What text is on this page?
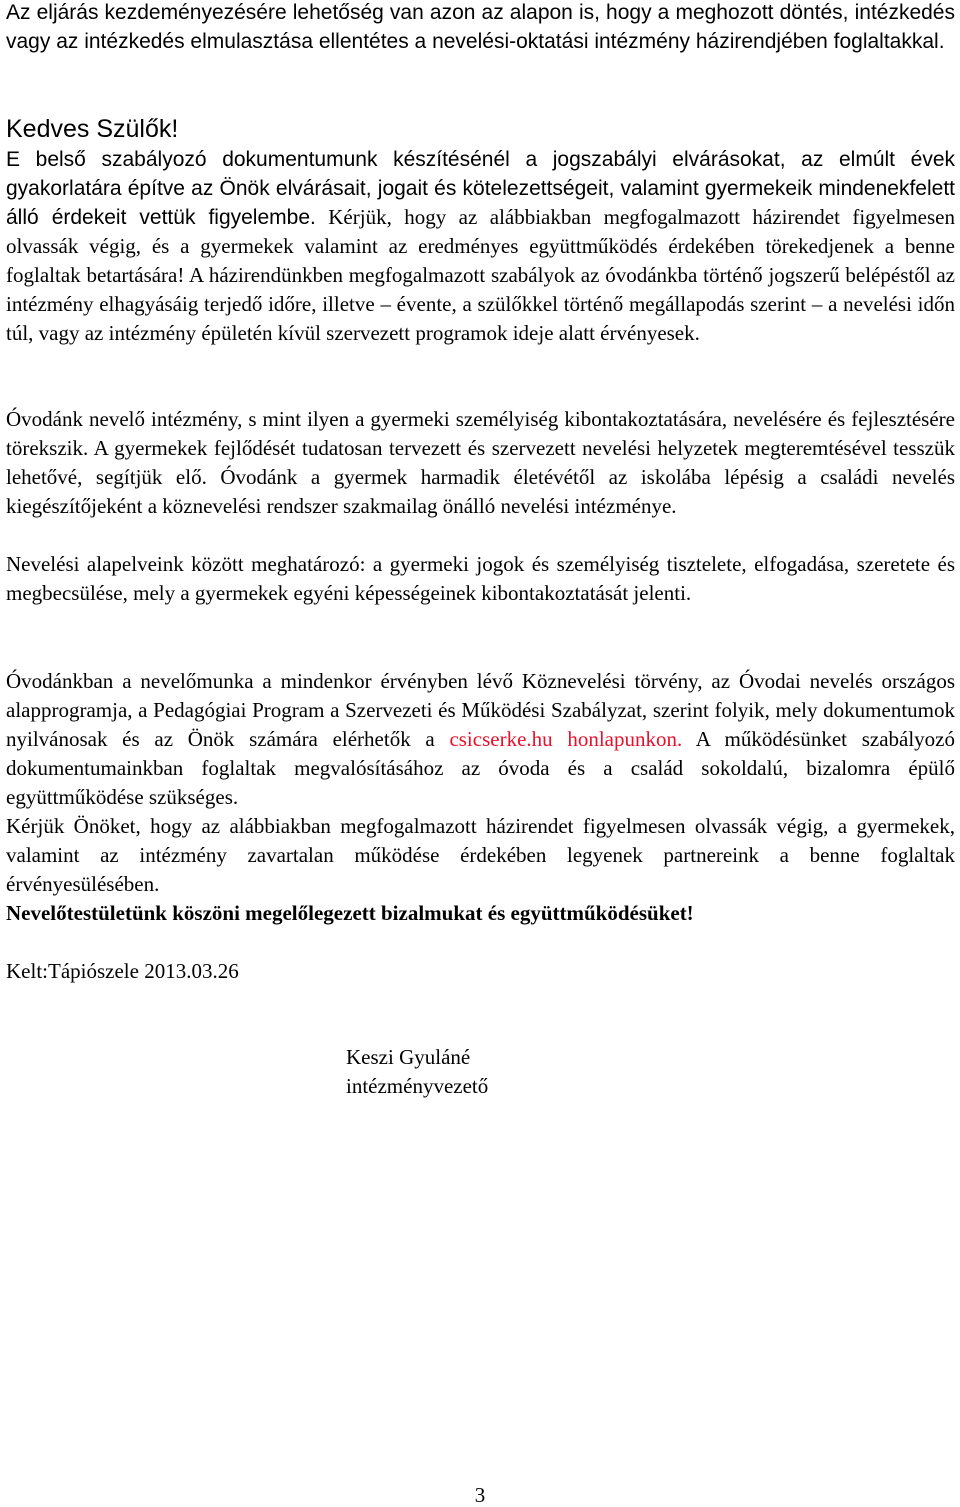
Az eljárás kezdeményezésére lehetőség van azon az alapon is, hogy a meghozott döntés, intézkedés vagy az intézkedés elmulasztása ellentétes a nevelési-oktatási intézmény házirendjében foglaltakkal.

Kedves Szülők!

E belső szabályozó dokumentumunk készítésénél a jogszabályi elvárásokat, az elmúlt évek gyakorlatára építve az Önök elvárásait, jogait és kötelezettségeit, valamint gyermekeik mindenekfelett álló érdekeit vettük figyelembe. Kérjük, hogy az alábbiakban megfogalmazott házirendet figyelmesen olvassák végig, és a gyermekek valamint az eredményes együttműködés érdekében törekedjenek a benne foglaltak betartására! A házirendünkben megfogalmazott szabályok az óvodánkba történő jogszerű belépéstől az intézmény elhagyásáig terjedő időre, illetve – évente, a szülőkkel történő megállapodás szerint – a nevelési időn túl, vagy az intézmény épületén kívül szervezett programok ideje alatt érvényesek.

Óvodánk nevelő intézmény, s mint ilyen a gyermeki személyiség kibontakoztatására, nevelésére és fejlesztésére törekszik. A gyermekek fejlődését tudatosan tervezett és szervezett nevelési helyzetek megteremtésével tesszük lehetővé, segítjük elő. Óvodánk a gyermek harmadik életévétől az iskolába lépésig a családi nevelés kiegészítőjeként a köznevelési rendszer szakmailag önálló nevelési intézménye.

Nevelési alapelveink között meghatározó: a gyermeki jogok és személyiség tisztelete, elfogadása, szeretete és megbecsülése, mely a gyermekek egyéni képességeinek kibontakoztatását jelenti.

Óvodánkban a nevelőmunka a mindenkor érvényben lévő Köznevelési törvény, az Óvodai nevelés országos alapprogramja, a Pedagógiai Program a Szervezeti és Működési Szabályzat, szerint folyik, mely dokumentumok nyilvánosak és az Önök számára elérhetők a csicserke.hu honlapunkon. A működésünket szabályozó dokumentumainkban foglaltak megvalósításához az óvoda és a család sokoldalú, bizalomra épülő együttműködése szükséges.

Kérjük Önöket, hogy az alábbiakban megfogalmazott házirendet figyelmesen olvassák végig, a gyermekek, valamint az intézmény zavartalan működése érdekében legyenek partnereink a benne foglaltak érvényesülésében.

Nevelőtestületünk köszöni megelőlegezett bizalmukat és együttműködésüket!

Kelt:Tápiószele 2013.03.26

Keszi Gyuláné
intézményvezető
3
